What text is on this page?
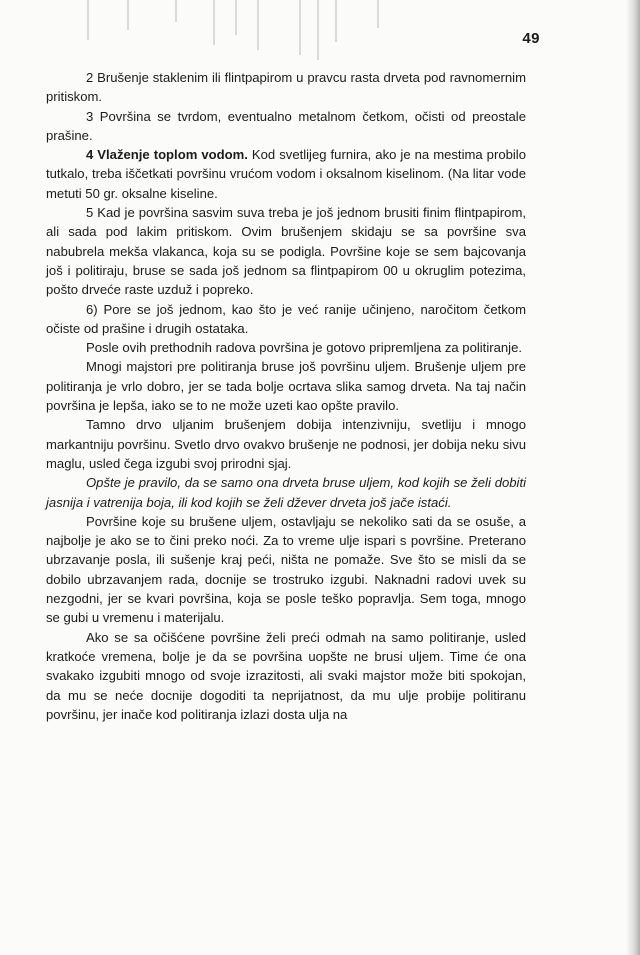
49

2 Brušenje staklenim ili flintpapirom u pravcu rasta drveta pod ravnomernim pritiskom.

3 Površina se tvrdom, eventualno metalnom četkom, očisti od preostale prašine.

4 Vlaženje toplom vodom. Kod svetlijeg furnira, ako je na mestima probilo tutkalo, treba iščetkati površinu vrućom vodom i oksalnom kiselinom. (Na litar vode metuti 50 gr. oksalne kiseline.

5 Kad je površina sasvim suva treba je još jednom brusiti finim flintpapirom, ali sada pod lakim pritiskom. Ovim brušenjem skidaju se sa površine sva nabubrela mekša vlakanca, koja su se podigla. Površine koje se sem bajcovanja još i politiraju, bruse se sada još jednom sa flintpapirom 00 u okruglim potezima, pošto drveće raste uzduž i popreko.

6) Pore se još jednom, kao što je već ranije učinjeno, naročitom četkom očiste od prašine i drugih ostataka.

Posle ovih prethodnih radova površina je gotovo pripremljena za politiranje.

Mnogi majstori pre politiranja bruse još površinu uljem. Brušenje uljem pre politiranja je vrlo dobro, jer se tada bolje ocrtava slika samog drveta. Na taj način površina je lepša, iako se to ne može uzeti kao opšte pravilo.

Tamno drvo uljanim brušenjem dobija intenzivniju, svetliju i mnogo markantniju površinu. Svetlo drvo ovakvo brušenje ne podnosi, jer dobija neku sivu maglu, usled čega izgubi svoj prirodni sjaj.

Opšte je pravilo, da se samo ona drveta bruse uljem, kod kojih se želi dobiti jasnija i vatrenija boja, ili kod kojih se želi džever drveta još jače istaći.

Površine koje su brušene uljem, ostavljaju se nekoliko sati da se osuše, a najbolje je ako se to čini preko noći. Za to vreme ulje ispari s površine. Preterano ubrzavanje posla, ili sušenje kraj peći, ništa ne pomaže. Sve što se misli da se dobilo ubrzavanjem rada, docnije se trostruko izgubi. Naknadni radovi uvek su nezgodni, jer se kvari površina, koja se posle teško popravlja. Sem toga, mnogo se gubi u vremenu i materijalu.

Ako se sa očišćene površine želi preći odmah na samo politiranje, usled kratkoće vremena, bolje je da se površina uopšte ne brusi uljem. Time će ona svakako izgubiti mnogo od svoje izrazitosti, ali svaki majstor može biti spokojan, da mu se neće docnije dogoditi ta neprijatnost, da mu ulje probije politiranu površinu, jer inače kod politiranja izlazi dosta ulja na
